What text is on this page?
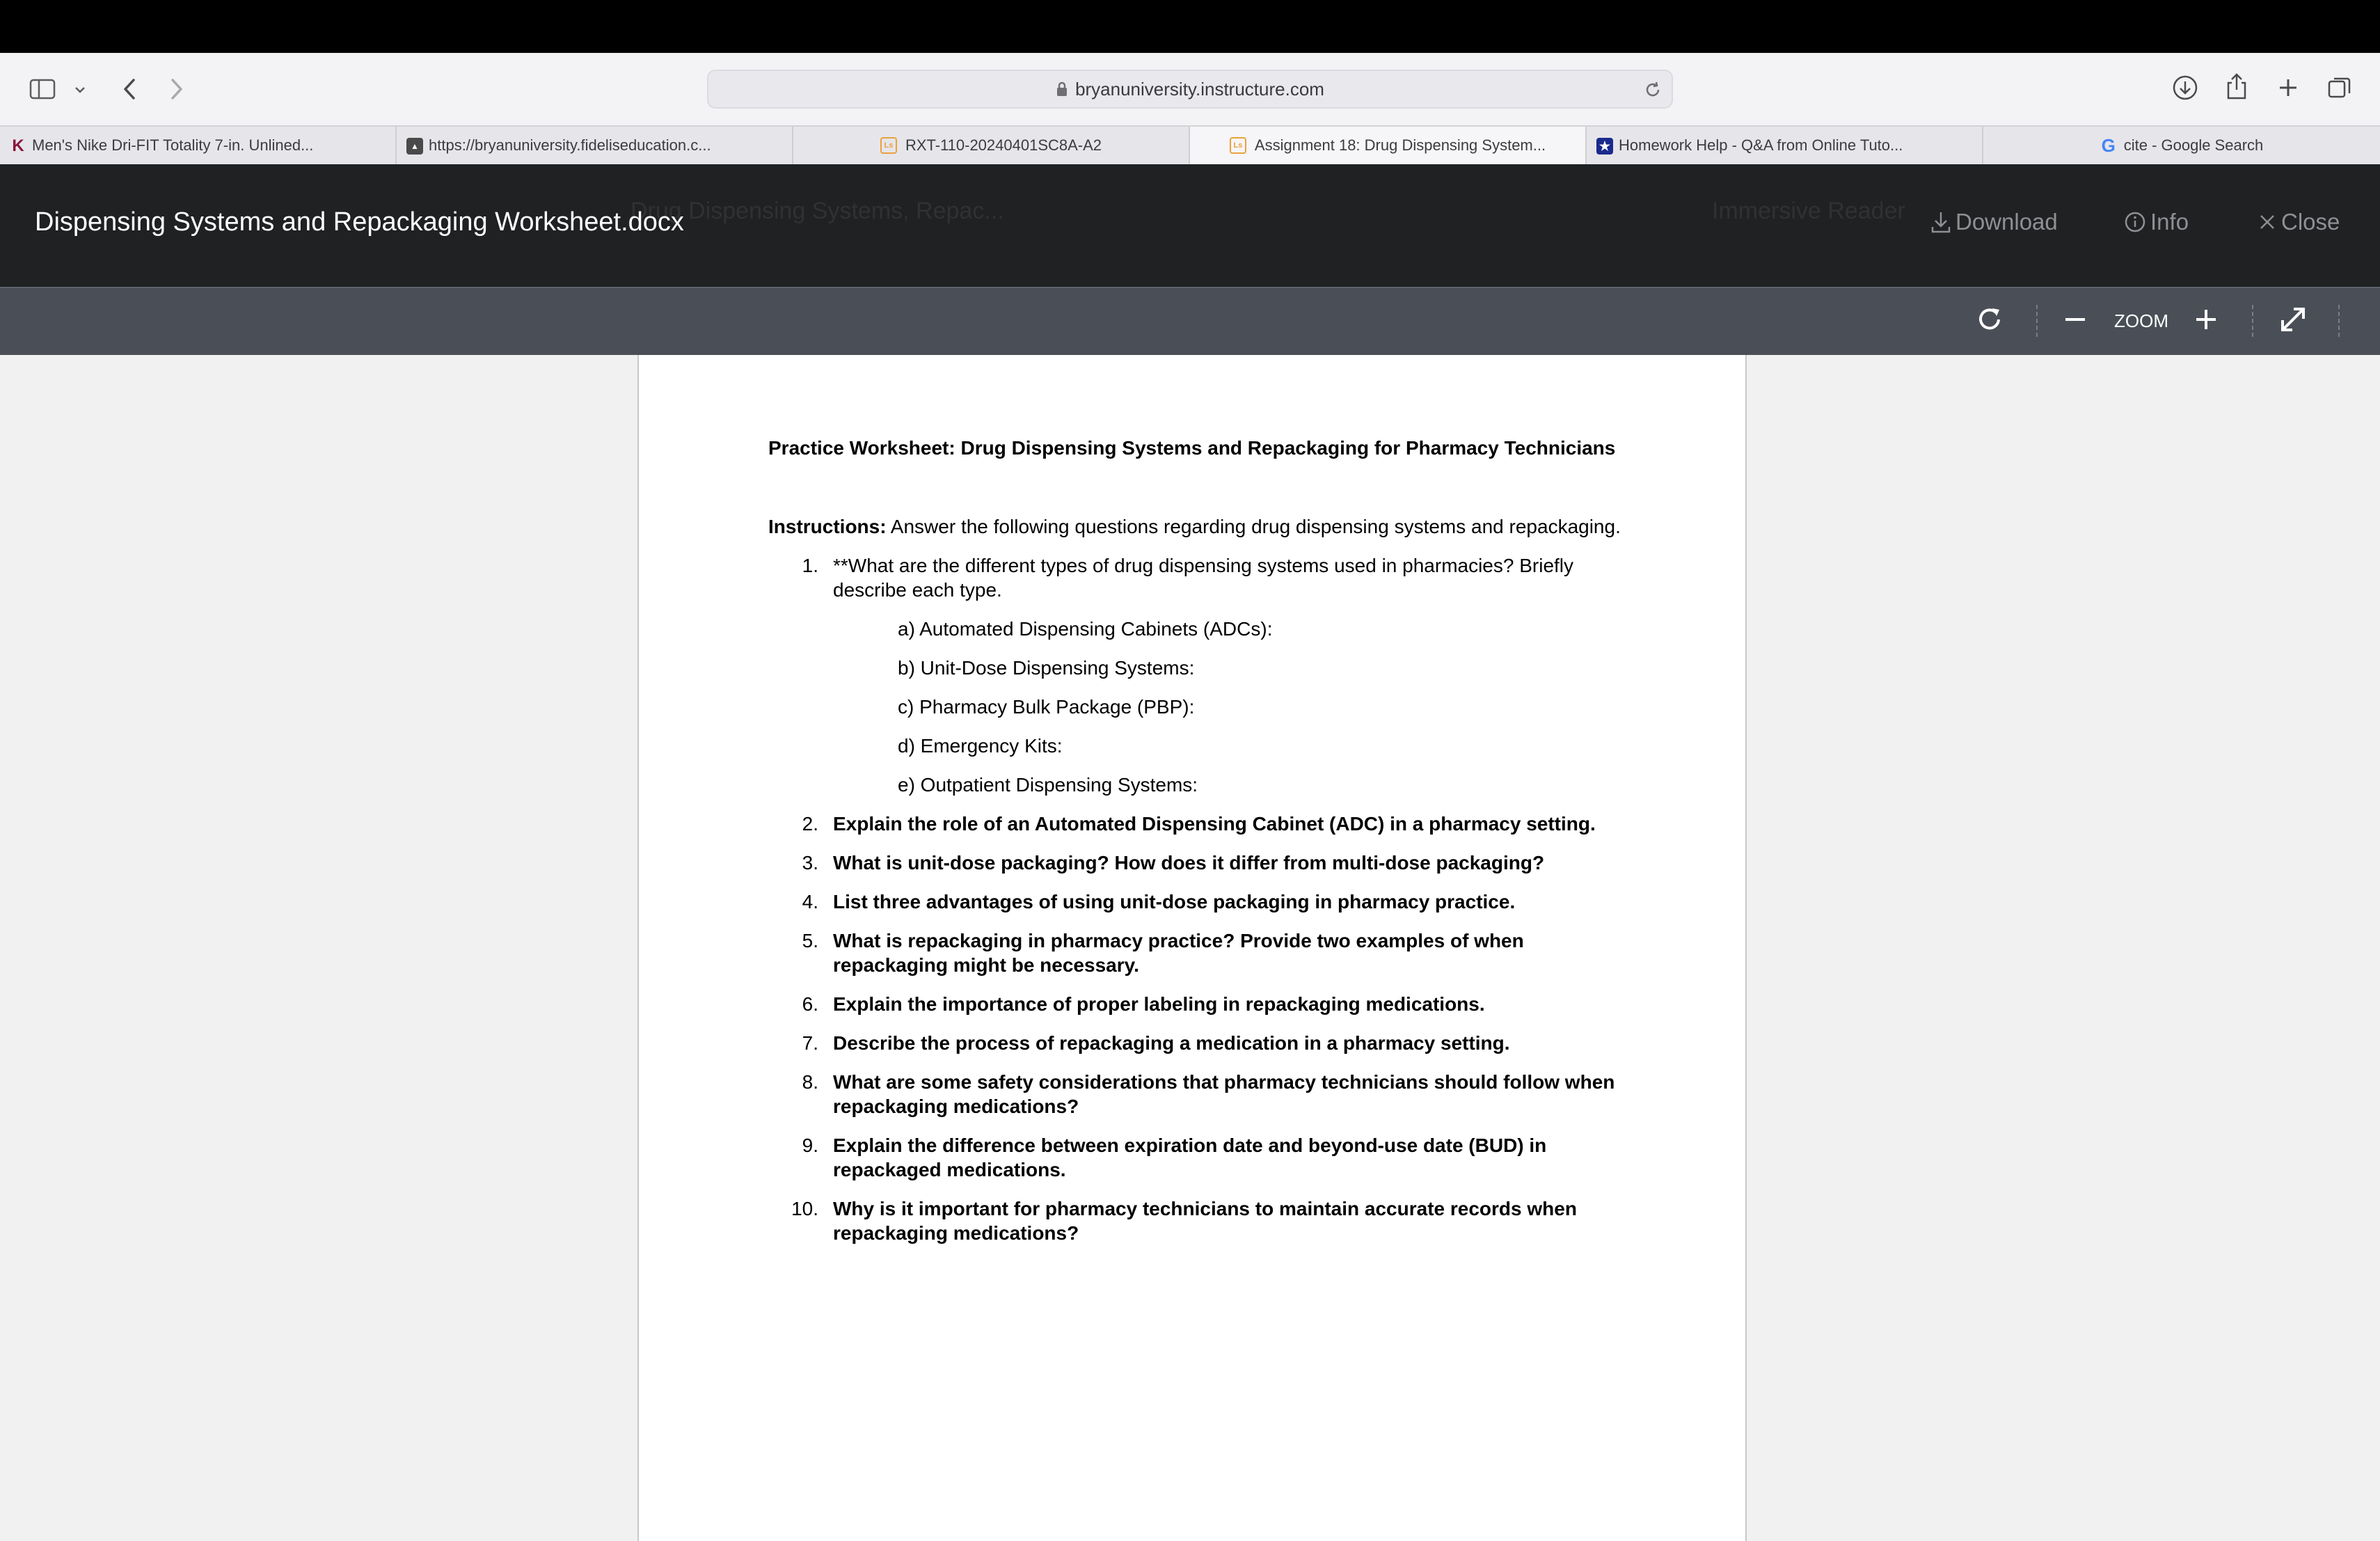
bryanuniversity.instructure.com
K Men's Nike Dri-FIT Totality 7-in. Unlined...	▲ https://bryanuniversity.fideliseducation.c...	Ls RXT-110-20240401SC8A-A2	Ls Assignment 18: Drug Dispensing System...	★ Homework Help - Q&A from Online Tuto...	G cite - Google Search
Drug Dispensing Systems, Repac...	Immersive Reader
Dispensing Systems and Repackaging Worksheet.docx	Download	Info	Close
ZOOM
Practice Worksheet: Drug Dispensing Systems and Repackaging for Pharmacy Technicians
Instructions: Answer the following questions regarding drug dispensing systems and repackaging.
1. **What are the different types of drug dispensing systems used in pharmacies? Briefly describe each type.
a) Automated Dispensing Cabinets (ADCs):
b) Unit-Dose Dispensing Systems:
c) Pharmacy Bulk Package (PBP):
d) Emergency Kits:
e) Outpatient Dispensing Systems:
2. Explain the role of an Automated Dispensing Cabinet (ADC) in a pharmacy setting.
3. What is unit-dose packaging? How does it differ from multi-dose packaging?
4. List three advantages of using unit-dose packaging in pharmacy practice.
5. What is repackaging in pharmacy practice? Provide two examples of when repackaging might be necessary.
6. Explain the importance of proper labeling in repackaging medications.
7. Describe the process of repackaging a medication in a pharmacy setting.
8. What are some safety considerations that pharmacy technicians should follow when repackaging medications?
9. Explain the difference between expiration date and beyond-use date (BUD) in repackaged medications.
10. Why is it important for pharmacy technicians to maintain accurate records when repackaging medications?
